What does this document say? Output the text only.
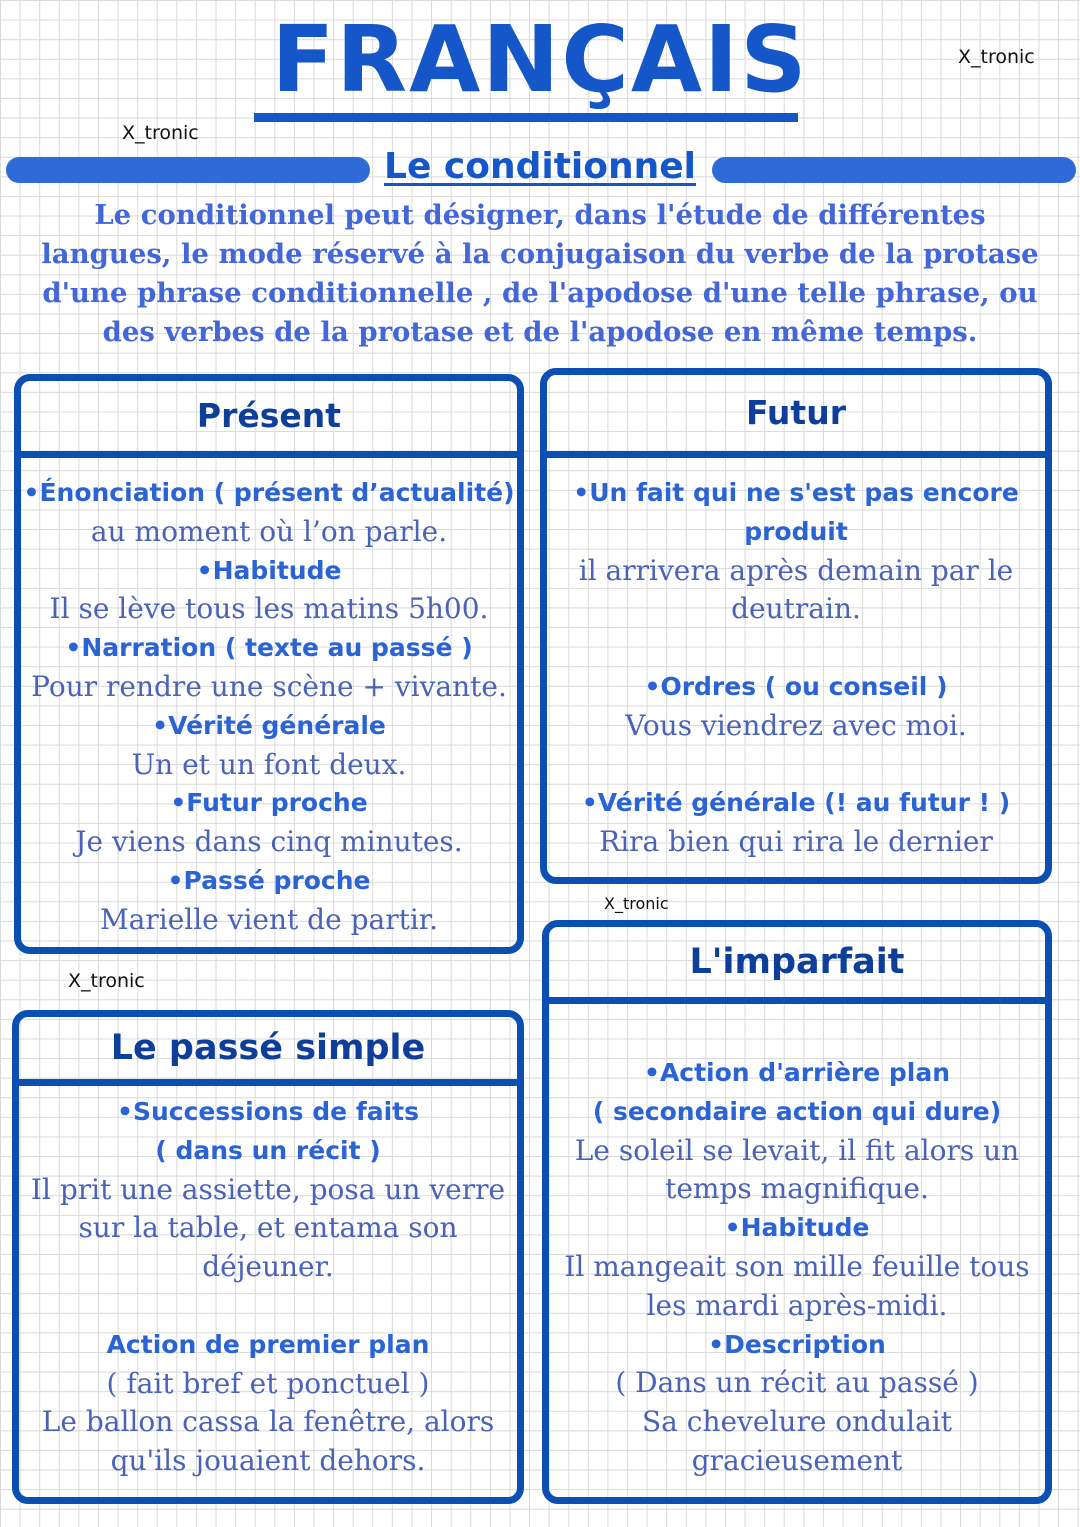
FRANÇAIS	X_tronic
X_tronic
Le conditionnel
Le conditionnel peut désigner, dans l'étude de différentes langues, le mode réservé à la conjugaison du verbe de la protase d'une phrase conditionnelle , de l'apodose d'une telle phrase, ou des verbes de la protase et de l'apodose en même temps.
Présent
• Énonciation ( présent d’actualité)
au moment où l’on parle.
• Habitude
Il se lève tous les matins 5h00.
• Narration ( texte au passé )
Pour rendre une scène + vivante.
• Vérité générale
Un et un font deux.
• Futur proche
Je viens dans cinq minutes.
• Passé proche
Marielle vient de partir.
Futur
• Un fait qui ne s'est pas encore
produit
il arrivera après demain par le
deutrain.
• Ordres ( ou conseil )
Vous viendrez avec moi.
• Vérité générale (! au futur ! )
Rira bien qui rira le dernier
X_tronic
X_tronic
Le passé simple
• Successions de faits
( dans un récit )
Il prit une assiette, posa un verre
sur la table, et entama son
déjeuner.
Action de premier plan
( fait bref et ponctuel )
Le ballon cassa la fenêtre, alors
qu'ils jouaient dehors.
L'imparfait
• Action d'arrière plan
( secondaire action qui dure)
Le soleil se levait, il fit alors un
temps magnifique.
• Habitude
Il mangeait son mille feuille tous
les mardi après-midi.
• Description
( Dans un récit au passé )
Sa chevelure ondulait
gracieusement
